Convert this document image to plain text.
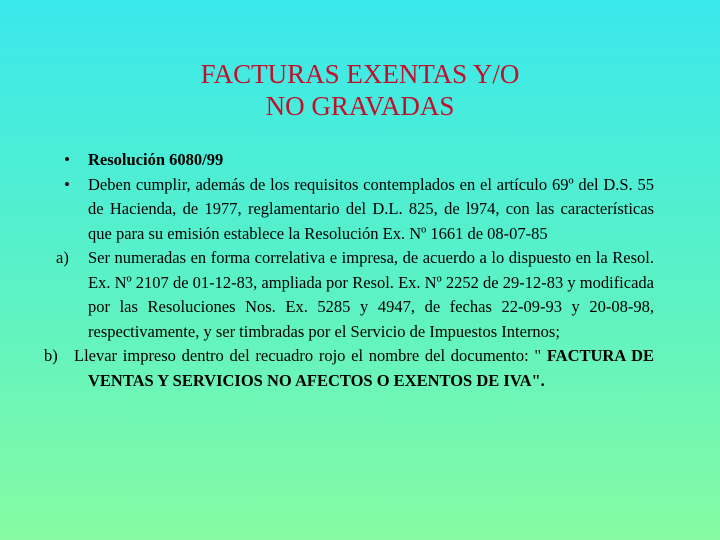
FACTURAS EXENTAS Y/O
NO GRAVADAS
•	Resolución 6080/99
•	Deben cumplir, además de los requisitos contemplados en el artículo 69º del D.S. 55 de Hacienda, de 1977, reglamentario del D.L. 825, de l974, con las características que para su emisión establece la Resolución Ex. Nº 1661 de 08-07-85
a)	Ser numeradas en forma correlativa e impresa, de acuerdo a lo dispuesto en la Resol. Ex. Nº 2107 de 01-12-83, ampliada por Resol. Ex. Nº 2252 de 29-12-83 y modificada por las Resoluciones Nos. Ex. 5285 y 4947, de fechas 22-09-93 y 20-08-98, respectivamente, y ser timbradas por el Servicio de Impuestos Internos;
b) Llevar impreso dentro del recuadro rojo el nombre del documento: " FACTURA DE VENTAS Y SERVICIOS NO AFECTOS O EXENTOS DE IVA".
